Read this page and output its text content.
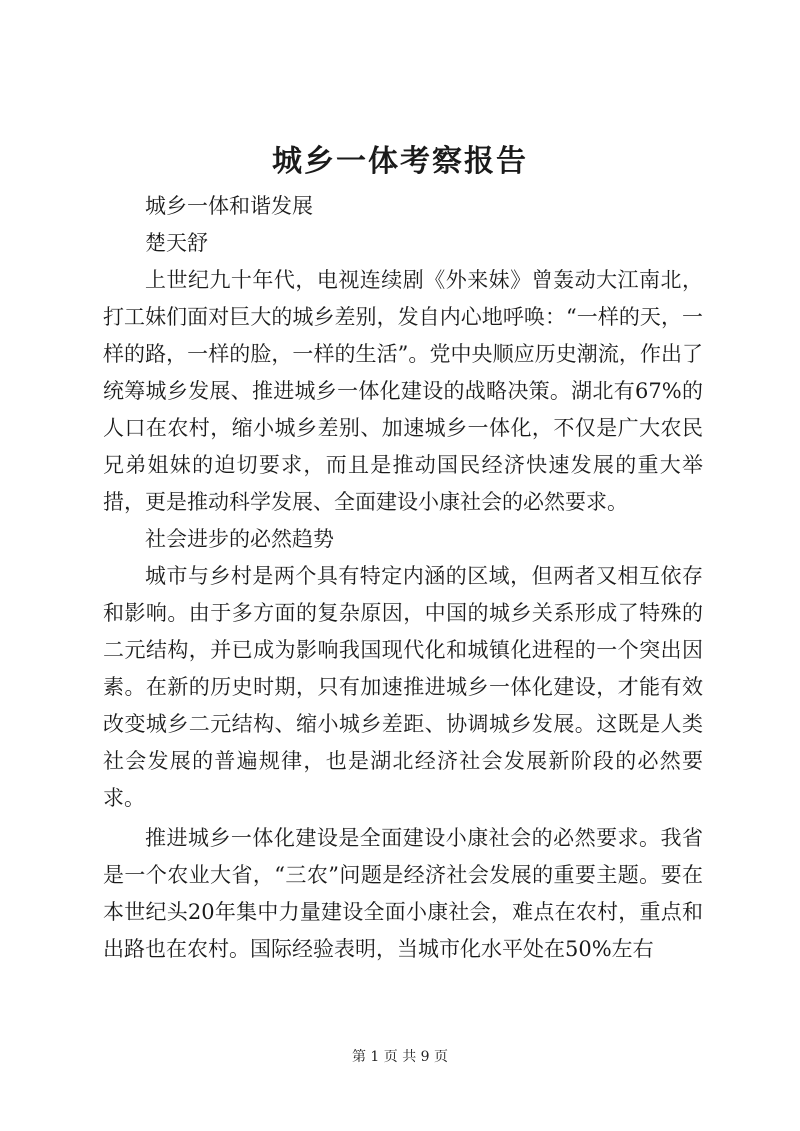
城乡一体考察报告

城乡一体和谐发展

楚天舒

上世纪九十年代，电视连续剧《外来妹》曾轰动大江南北，打工妹们面对巨大的城乡差别，发自内心地呼唤：“一样的天，一样的路，一样的脸，一样的生活”。党中央顺应历史潮流，作出了统筹城乡发展、推进城乡一体化建设的战略决策。湖北有67%的人口在农村，缩小城乡差别、加速城乡一体化，不仅是广大农民兄弟姐妹的迫切要求，而且是推动国民经济快速发展的重大举措，更是推动科学发展、全面建设小康社会的必然要求。

社会进步的必然趋势

城市与乡村是两个具有特定内涵的区域，但两者又相互依存和影响。由于多方面的复杂原因，中国的城乡关系形成了特殊的二元结构，并已成为影响我国现代化和城镇化进程的一个突出因素。在新的历史时期，只有加速推进城乡一体化建设，才能有效改变城乡二元结构、缩小城乡差距、协调城乡发展。这既是人类社会发展的普遍规律，也是湖北经济社会发展新阶段的必然要求。

推进城乡一体化建设是全面建设小康社会的必然要求。我省是一个农业大省，“三农”问题是经济社会发展的重要主题。要在本世纪头20年集中力量建设全面小康社会，难点在农村，重点和出路也在农村。国际经验表明，当城市化水平处在50%左右

第 1 页 共 9 页
